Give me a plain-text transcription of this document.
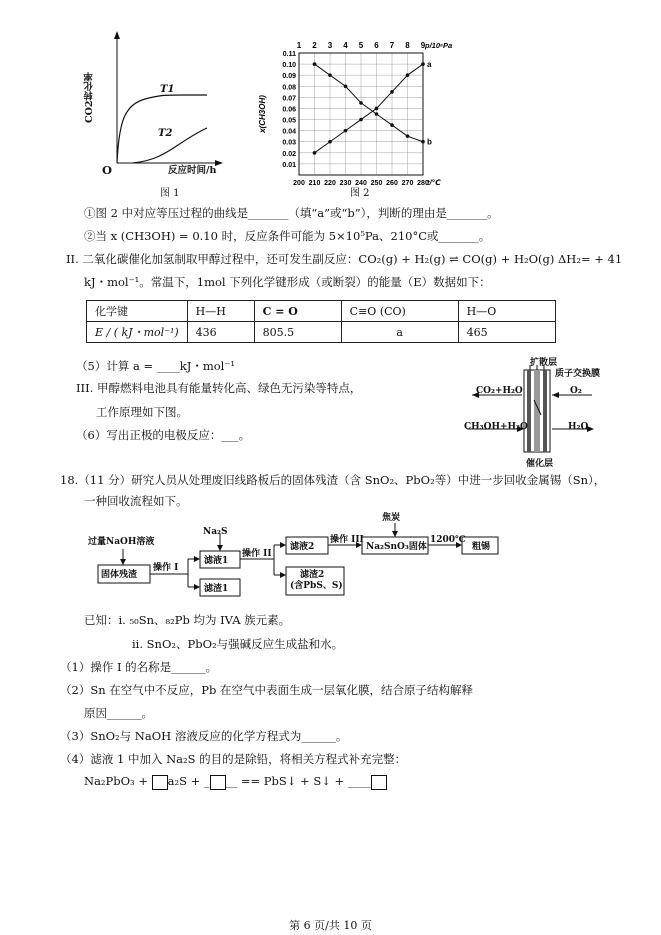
CO2转化率
反应时间/h
O
T1
T2
图 1
0.11
0.10
0.09
0.08
0.07
0.06
0.05
0.04
0.03
0.02
0.01
200 210 220 230 240 250 260 270 280
1 2 3 4 5 6 7 8 9 p/10⁵Pa
t/℃
x(CH3OH)
a
b
图 2
①图 2 中对应等压过程的曲线是_______（填“a”或“b”），判断的理由是_______。
②当 x (CH3OH) = 0.10 时，反应条件可能为 5×10⁵Pa、210°C或_______。
II. 二氧化碳催化加氢制取甲醇过程中，还可发生副反应：CO₂(g) + H₂(g) ⇌ CO(g) + H₂O(g) ΔH₂= + 41
kJ・mol⁻¹。常温下，1mol 下列化学键形成（或断裂）的能量（E）数据如下：
化学键	H—H	C = O	C≡O (CO)	H—O
E / ( kJ・mol⁻¹)	436	805.5	a	465
（5）计算 a = ____kJ・mol⁻¹
III. 甲醇燃料电池具有能量转化高、绿色无污染等特点，
工作原理如下图。
（6）写出正极的电极反应：___。
扩散层
质子交换膜
CO₂+H₂O	O₂
CH₃OH+H₂O	H₂O
催化层
18.（11 分）研究人员从处理废旧线路板后的固体残渣（含 SnO₂、PbO₂等）中进一步回收金属锡（Sn），
一种回收流程如下。
过量NaOH溶液
固体残渣
操作 I
Na₂S
滤液1
滤渣1
操作 II
滤液2
滤渣2
(含PbS、S)
操作 III
Na₂SnO₃固体
焦炭
1200℃
粗锡
已知：i. ₅₀Sn、₈₂Pb 均为 IVA 族元素。
ii. SnO₂、PbO₂与强碱反应生成盐和水。
（1）操作 I 的名称是______。
（2）Sn 在空气中不反应，Pb 在空气中表面生成一层氧化膜，结合原子结构解释
原因______。
（3）SnO₂与 NaOH 溶液反应的化学方程式为______。
（4）滤液 1 中加入 Na₂S 的目的是除铅，将相关方程式补充完整：
Na₂PbO₃ + a₂S + _ __ == PbS↓ + S↓ + ____
第 6 页/共 10 页
